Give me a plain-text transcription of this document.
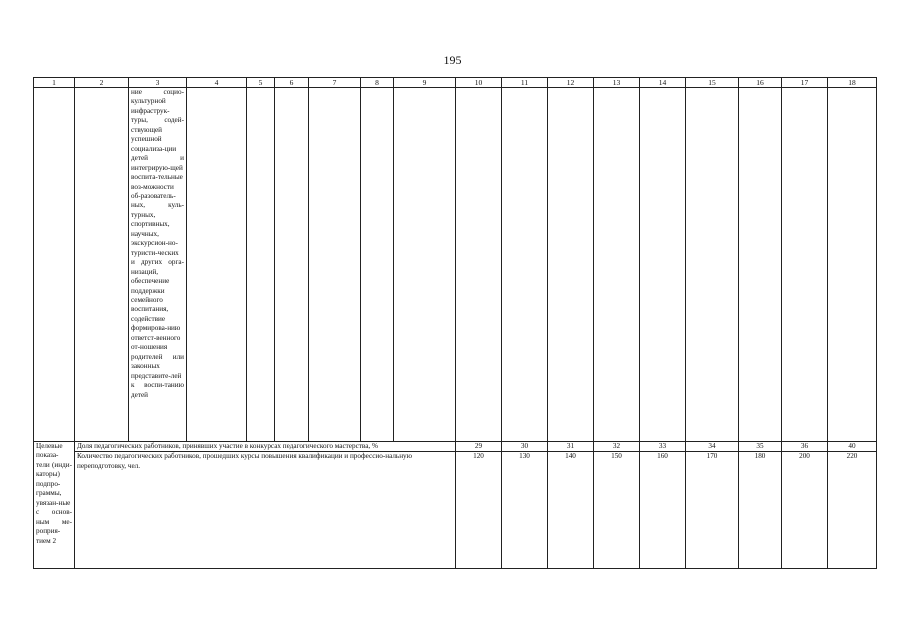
195
1	2	3	4	5	6	7	8	9	10	11	12	13	14	15	16	17	18
		ние социо-культурной инфраструк-туры, содей-ствующей успешной социализа-ции детей и интегрирую-щей воспита-тельные воз-можности об-разователь-ных, куль-турных, спортивных, научных, экскурсион-но-туристи-ческих и других орга-низаций, обеспечение поддержки семейного воспитания, содействие формирова-нию ответст-венного от-ношения родителей или законных представите-лей к воспи-танию детей															
Целевые показа-тели (инди-каторы) подпро-граммы, увязан-ные с основ-ным ме-роприя-тием 2	Доля педагогических работников, принявших участие в конкурсах педагогического мастерства, %								29	30	31	32	33	34	35	36	40
	Количество педагогических работников, прошедших курсы повышения квалификации и профессио-нальную переподготовку, чел.								120	130	140	150	160	170	180	200	220
